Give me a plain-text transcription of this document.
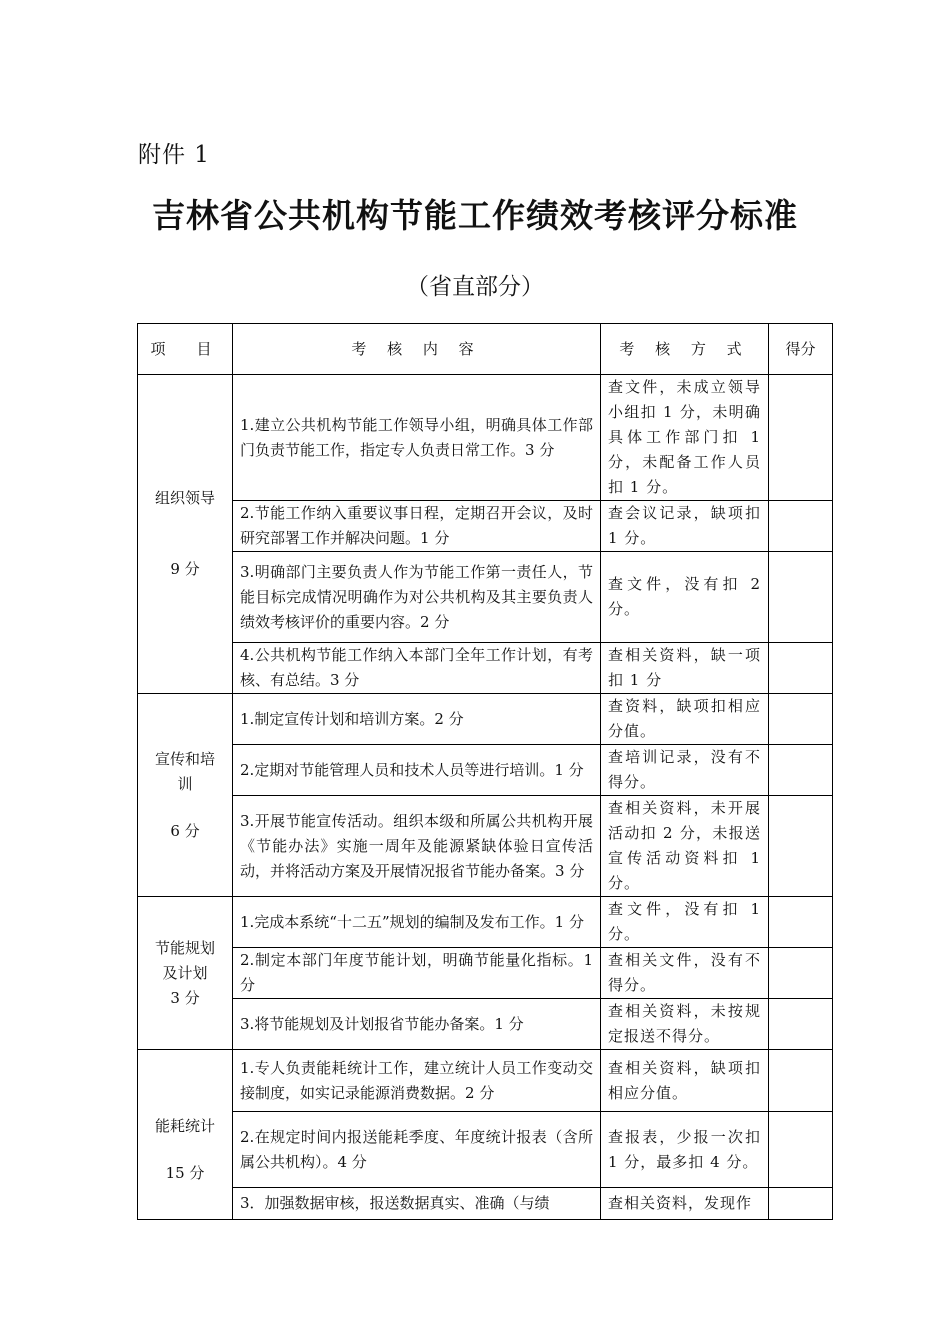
附件 1
吉林省公共机构节能工作绩效考核评分标准
（省直部分）
项　目	考 核 内 容	考 核 方 式	得分

组织领导
9 分	1.建立公共机构节能工作领导小组，明确具体工作部门负责节能工作，指定专人负责日常工作。3 分	查文件，未成立领导小组扣 1 分，未明确具体工作部门扣 1 分，未配备工作人员扣 1 分。	
	2.节能工作纳入重要议事日程，定期召开会议，及时研究部署工作并解决问题。1 分	查会议记录，缺项扣 1 分。	
	3.明确部门主要负责人作为节能工作第一责任人，节能目标完成情况明确作为对公共机构及其主要负责人绩效考核评价的重要内容。2 分	查文件，没有扣 2 分。	
	4.公共机构节能工作纳入本部门全年工作计划，有考核、有总结。3 分	查相关资料，缺一项扣 1 分	

宣传和培训
6 分	1.制定宣传计划和培训方案。2 分	查资料，缺项扣相应分值。	
	2.定期对节能管理人员和技术人员等进行培训。1 分	查培训记录，没有不得分。	
	3.开展节能宣传活动。组织本级和所属公共机构开展《节能办法》实施一周年及能源紧缺体验日宣传活动，并将活动方案及开展情况报省节能办备案。3 分	查相关资料，未开展活动扣 2 分，未报送宣传活动资料扣 1 分。	

节能规划及计划
3 分	1.完成本系统“十二五”规划的编制及发布工作。1 分	查文件，没有扣 1 分。	
	2.制定本部门年度节能计划，明确节能量化指标。1 分	查相关文件，没有不得分。	
	3.将节能规划及计划报省节能办备案。1 分	查相关资料，未按规定报送不得分。	

能耗统计
15 分	1.专人负责能耗统计工作，建立统计人员工作变动交接制度，如实记录能源消费数据。2 分	查相关资料，缺项扣相应分值。	
	2.在规定时间内报送能耗季度、年度统计报表（含所属公共机构）。4 分	查报表，少报一次扣 1 分，最多扣 4 分。	
	3．加强数据审核，报送数据真实、准确（与绩	查相关资料，发现作	
